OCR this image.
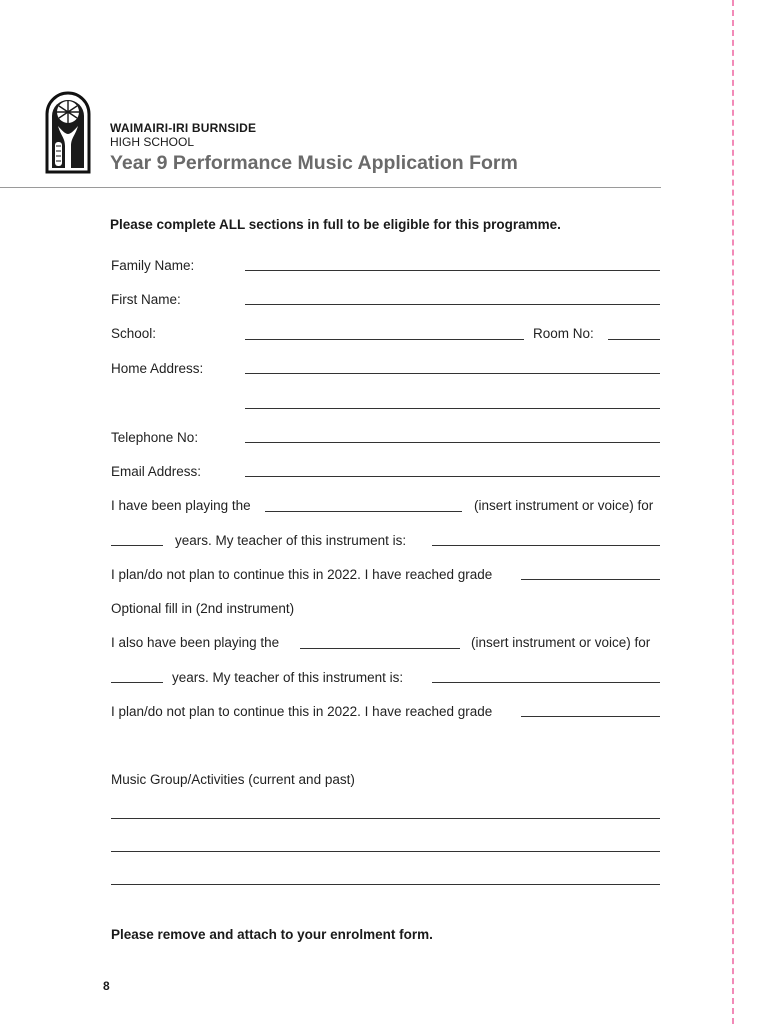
WAIMAIRI-IRI BURNSIDE
HIGH SCHOOL
Year 9 Performance Music Application Form
Please complete ALL sections in full to be eligible for this programme.
Family Name:
First Name:
School:	Room No:
Home Address:
Telephone No:
Email Address:
I have been playing the	(insert instrument or voice) for
years. My teacher of this instrument is:
I plan/do not plan to continue this in 2022. I have reached grade
Optional fill in (2nd instrument)
I also have been playing the	(insert instrument or voice) for
years. My teacher of this instrument is:
I plan/do not plan to continue this in 2022. I have reached grade
Music Group/Activities (current and past)
Please remove and attach to your enrolment form.
8
